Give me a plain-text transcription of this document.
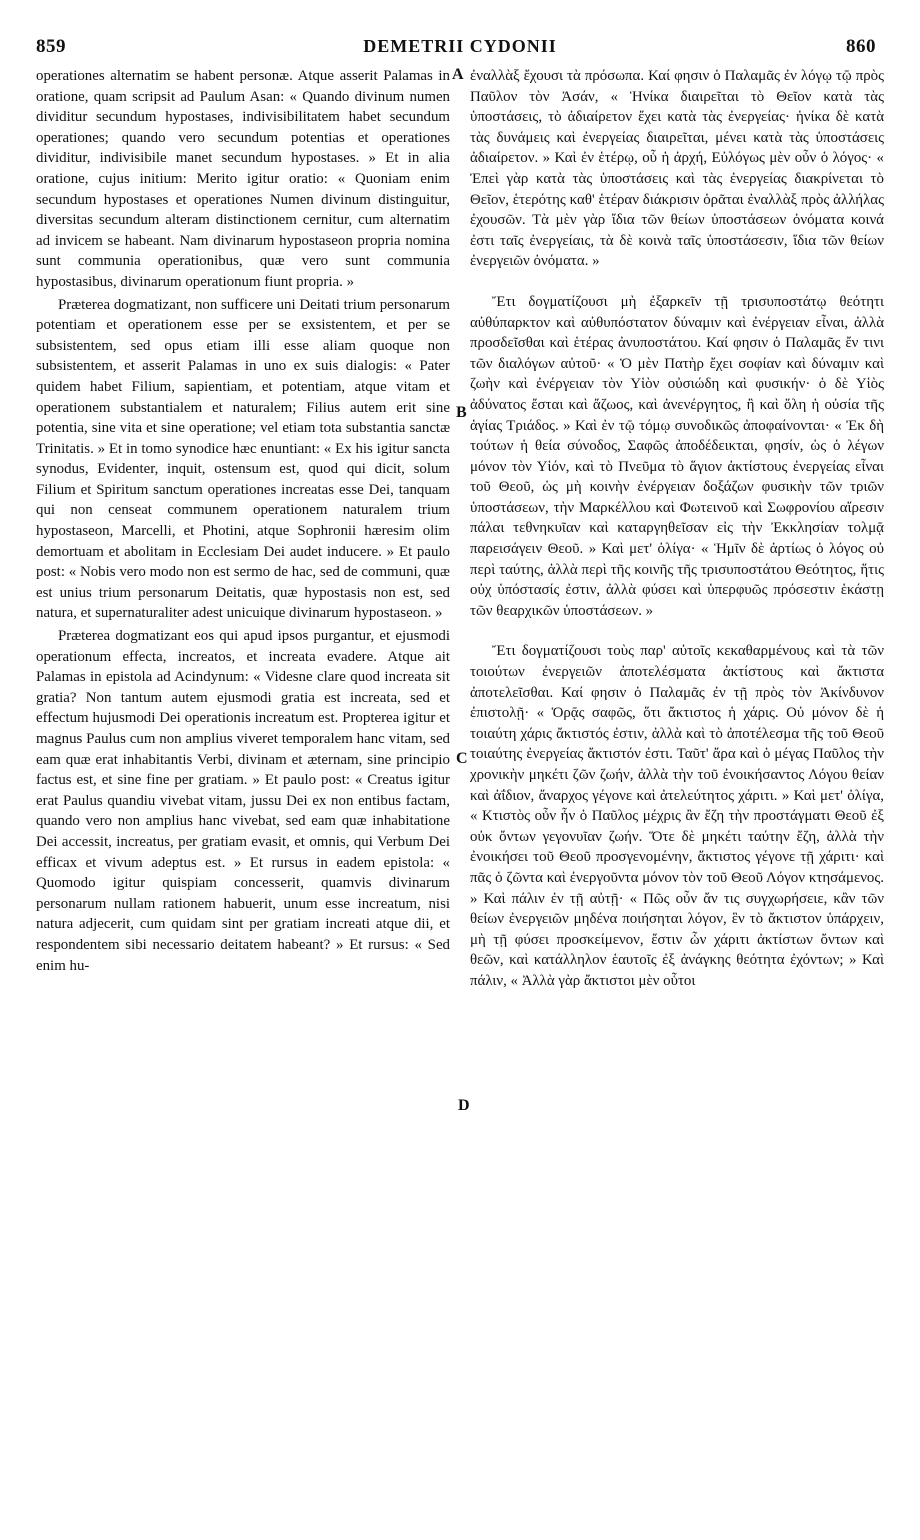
859	DEMETRII CYDONII	860

operationes alternatim se habent personæ. Atque asserit Palamas in oratione, quam scripsit ad Paulum Asan: « Quando divinum numen dividitur secundum hypostases, indivisibilitatem habet secundum operationes; quando vero secundum potentias et operationes dividitur, indivisibile manet secundum hypostases. » Et in alia oratione, cujus initium: Merito igitur oratio: « Quoniam enim secundum hypostases et operationes Numen divinum distinguitur, diversitas secundum alteram distinctionem cernitur, cum alternatim ad invicem se habeant. Nam divinarum hypostaseon propria nomina sunt communia operationibus, quæ vero sunt communia hypostasibus, divinarum operationum fiunt propria. »

Præterea dogmatizant, non sufficere uni Deitati trium personarum potentiam et operationem esse per se exsistentem, et per se subsistentem, sed opus etiam illi esse aliam quoque non subsistentem, et asserit Palamas in uno ex suis dialogis: « Pater quidem habet Filium, sapientiam, et potentiam, atque vitam et operationem substantialem et naturalem; Filius autem erit sine potentia, sine vita et sine operatione; vel etiam tota substantia sanctæ Trinitatis. » Et in tomo synodice hæc enuntiant: « Ex his igitur sancta synodus, Evidenter, inquit, ostensum est, quod qui dicit, solum Filium et Spiritum sanctum operationes increatas esse Dei, tanquam qui non censeat communem operationem naturalem trium hypostaseon, Marcelli, et Photini, atque Sophronii hæresim olim demortuam et abolitam in Ecclesiam Dei audet inducere. » Et paulo post: « Nobis vero modo non est sermo de hac, sed de communi, quæ est unius trium personarum Deitatis, quæ hypostasis non est, sed natura, et supernaturaliter adest unicuique divinarum hypostaseon. »

Præterea dogmatizant eos qui apud ipsos purgantur, et ejusmodi operationum effecta, increatos, et increata evadere. Atque ait Palamas in epistola ad Acindynum: « Videsne clare quod increata sit gratia? Non tantum autem ejusmodi gratia est increata, sed et effectum hujusmodi Dei operationis increatum est. Propterea igitur et magnus Paulus cum non amplius viveret temporalem hanc vitam, sed eam quæ erat inhabitantis Verbi, divinam et æternam, sine principio factus est, et sine fine per gratiam. » Et paulo post: « Creatus igitur erat Paulus quandiu vivebat vitam, jussu Dei ex non entibus factam, quando vero non amplius hanc vivebat, sed eam quæ inhabitatione Dei accessit, increatus, per gratiam evasit, et omnis, qui Verbum Dei efficax et vivum adeptus est. » Et rursus in eadem epistola: « Quomodo igitur quispiam concesserit, quamvis divinarum personarum nullam rationem habuerit, unum esse increatum, nisi natura adjecerit, cum quidam sint per gratiam increati atque dii, et respondentem sibi necessario deitatem habeant? » Et rursus: « Sed enim hu-

A
B
C
D

ἐναλλὰξ ἔχουσι τὰ πρόσωπα. Καί φησιν ὁ Παλαμᾶς ἐν λόγῳ τῷ πρὸς Παῦλον τὸν Ἀσάν, « Ἡνίκα διαιρεῖται τὸ Θεῖον κατὰ τὰς ὑποστάσεις, τὸ ἀδιαίρετον ἔχει κατὰ τὰς ἐνεργείας· ἡνίκα δὲ κατὰ τὰς δυνάμεις καὶ ἐνεργείας διαιρεῖται, μένει κατὰ τὰς ὑποστάσεις ἀδιαίρετον. » Καὶ ἐν ἑτέρῳ, οὗ ἡ ἀρχή, Εὐλόγως μὲν οὖν ὁ λόγος· « Ἐπεὶ γὰρ κατὰ τὰς ὑποστάσεις καὶ τὰς ἐνεργείας διακρίνεται τὸ Θεῖον, ἑτερότης καθ' ἑτέραν διάκρισιν ὁρᾶται ἐναλλὰξ πρὸς ἀλλήλας ἐχουσῶν. Τὰ μὲν γὰρ ἴδια τῶν θείων ὑποστάσεων ὀνόματα κοινά ἐστι ταῖς ἐνεργείαις, τὰ δὲ κοινὰ ταῖς ὑποστάσεσιν, ἴδια τῶν θείων ἐνεργειῶν ὀνόματα. »

Ἔτι δογματίζουσι μὴ ἐξαρκεῖν τῇ τρισυποστάτῳ θεότητι αὐθύπαρκτον καὶ αὐθυπόστατον δύναμιν καὶ ἐνέργειαν εἶναι, ἀλλὰ προσδεῖσθαι καὶ ἑτέρας ἀνυποστάτου. Καί φησιν ὁ Παλαμᾶς ἔν τινι τῶν διαλόγων αὐτοῦ· « Ὁ μὲν Πατὴρ ἔχει σοφίαν καὶ δύναμιν καὶ ζωὴν καὶ ἐνέργειαν τὸν Υἱὸν οὐσιώδη καὶ φυσικήν· ὁ δὲ Υἱὸς ἀδύνατος ἔσται καὶ ἄζωος, καὶ ἀνενέργητος, ἢ καὶ ὅλη ἡ οὐσία τῆς ἁγίας Τριάδος. » Καὶ ἐν τῷ τόμῳ συνοδικῶς ἀποφαίνονται· « Ἐκ δὴ τούτων ἡ θεία σύνοδος, Σαφῶς ἀποδέδεικται, φησίν, ὡς ὁ λέγων μόνον τὸν Υἱόν, καὶ τὸ Πνεῦμα τὸ ἅγιον ἀκτίστους ἐνεργείας εἶναι τοῦ Θεοῦ, ὡς μὴ κοινὴν ἐνέργειαν δοξάζων φυσικὴν τῶν τριῶν ὑποστάσεων, τὴν Μαρκέλλου καὶ Φωτεινοῦ καὶ Σωφρονίου αἵρεσιν πάλαι τεθνηκυῖαν καὶ καταργηθεῖσαν εἰς τὴν Ἐκκλησίαν τολμᾷ παρεισάγειν Θεοῦ. » Καὶ μετ' ὀλίγα· « Ἡμῖν δὲ ἀρτίως ὁ λόγος οὐ περὶ ταύτης, ἀλλὰ περὶ τῆς κοινῆς τῆς τρισυποστάτου Θεότητος, ἥτις οὐχ ὑπόστασίς ἐστιν, ἀλλὰ φύσει καὶ ὑπερφυῶς πρόσεστιν ἑκάστῃ τῶν θεαρχικῶν ὑποστάσεων. »

Ἔτι δογματίζουσι τοὺς παρ' αὐτοῖς κεκαθαρμένους καὶ τὰ τῶν τοιούτων ἐνεργειῶν ἀποτελέσματα ἀκτίστους καὶ ἄκτιστα ἀποτελεῖσθαι. Καί φησιν ὁ Παλαμᾶς ἐν τῇ πρὸς τὸν Ἀκίνδυνον ἐπιστολῇ· « Ὁρᾷς σαφῶς, ὅτι ἄκτιστος ἡ χάρις. Οὐ μόνον δὲ ἡ τοιαύτη χάρις ἄκτιστός ἐστιν, ἀλλὰ καὶ τὸ ἀποτέλεσμα τῆς τοῦ Θεοῦ τοιαύτης ἐνεργείας ἄκτιστόν ἐστι. Ταῦτ' ἄρα καὶ ὁ μέγας Παῦλος τὴν χρονικὴν μηκέτι ζῶν ζωήν, ἀλλὰ τὴν τοῦ ἐνοικήσαντος Λόγου θείαν καὶ ἀΐδιον, ἄναρχος γέγονε καὶ ἀτελεύτητος χάριτι. » Καὶ μετ' ὀλίγα, « Κτιστὸς οὖν ἦν ὁ Παῦλος μέχρις ἂν ἔζη τὴν προστάγματι Θεοῦ ἐξ οὐκ ὄντων γεγονυῖαν ζωήν. Ὅτε δὲ μηκέτι ταύτην ἔζη, ἀλλὰ τὴν ἐνοικήσει τοῦ Θεοῦ προσγενομένην, ἄκτιστος γέγονε τῇ χάριτι· καὶ πᾶς ὁ ζῶντα καὶ ἐνεργοῦντα μόνον τὸν τοῦ Θεοῦ Λόγον κτησάμενος. » Καὶ πάλιν ἐν τῇ αὐτῇ· « Πῶς οὖν ἄν τις συγχωρήσειε, κἂν τῶν θείων ἐνεργειῶν μηδένα ποιήσηται λόγον, ἓν τὸ ἄκτιστον ὑπάρχειν, μὴ τῇ φύσει προσκείμενον, ἔστιν ὧν χάριτι ἀκτίστων ὄντων καὶ θεῶν, καὶ κατάλληλον ἑαυτοῖς ἐξ ἀνάγκης θεότητα ἐχόντων; » Καὶ πάλιν, « Ἀλλὰ γὰρ ἄκτιστοι μὲν οὗτοι
